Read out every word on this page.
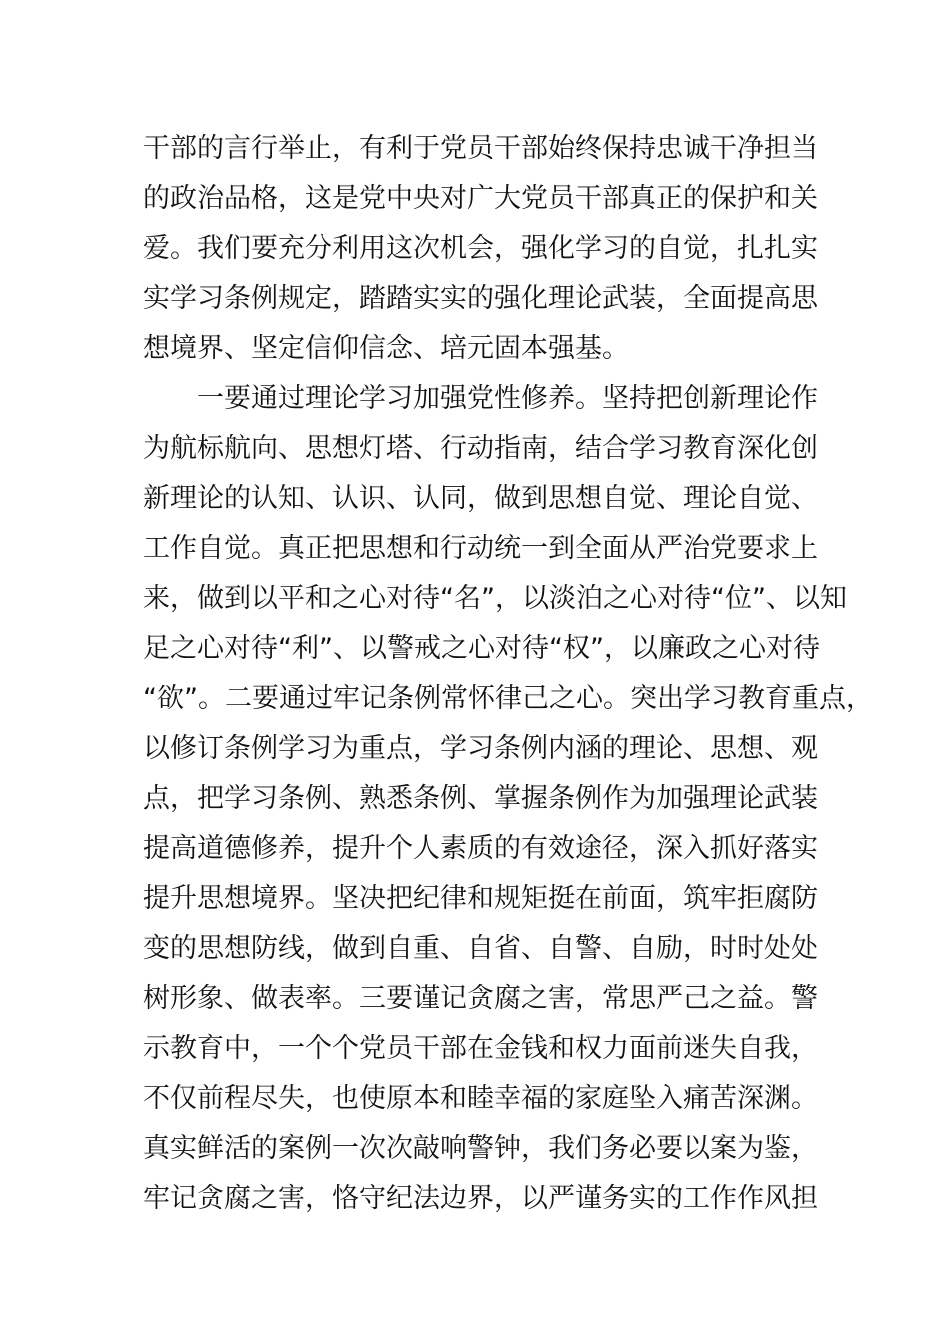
干部的言行举止，有利于党员干部始终保持忠诚干净担当
的政治品格，这是党中央对广大党员干部真正的保护和关
爱。我们要充分利用这次机会，强化学习的自觉，扎扎实
实学习条例规定，踏踏实实的强化理论武装，全面提高思
想境界、坚定信仰信念、培元固本强基。
一要通过理论学习加强党性修养。坚持把创新理论作
为航标航向、思想灯塔、行动指南，结合学习教育深化创
新理论的认知、认识、认同，做到思想自觉、理论自觉、
工作自觉。真正把思想和行动统一到全面从严治党要求上
来，做到以平和之心对待“名”，以淡泊之心对待“位”、以知
足之心对待“利”、以警戒之心对待“权”，以廉政之心对待
“欲”。二要通过牢记条例常怀律己之心。突出学习教育重点，
以修订条例学习为重点，学习条例内涵的理论、思想、观
点，把学习条例、熟悉条例、掌握条例作为加强理论武装
提高道德修养，提升个人素质的有效途径，深入抓好落实
提升思想境界。坚决把纪律和规矩挺在前面，筑牢拒腐防
变的思想防线，做到自重、自省、自警、自励，时时处处
树形象、做表率。三要谨记贪腐之害，常思严己之益。警
示教育中，一个个党员干部在金钱和权力面前迷失自我，
不仅前程尽失，也使原本和睦幸福的家庭坠入痛苦深渊。
真实鲜活的案例一次次敲响警钟，我们务必要以案为鉴，
牢记贪腐之害，恪守纪法边界，以严谨务实的工作作风担
